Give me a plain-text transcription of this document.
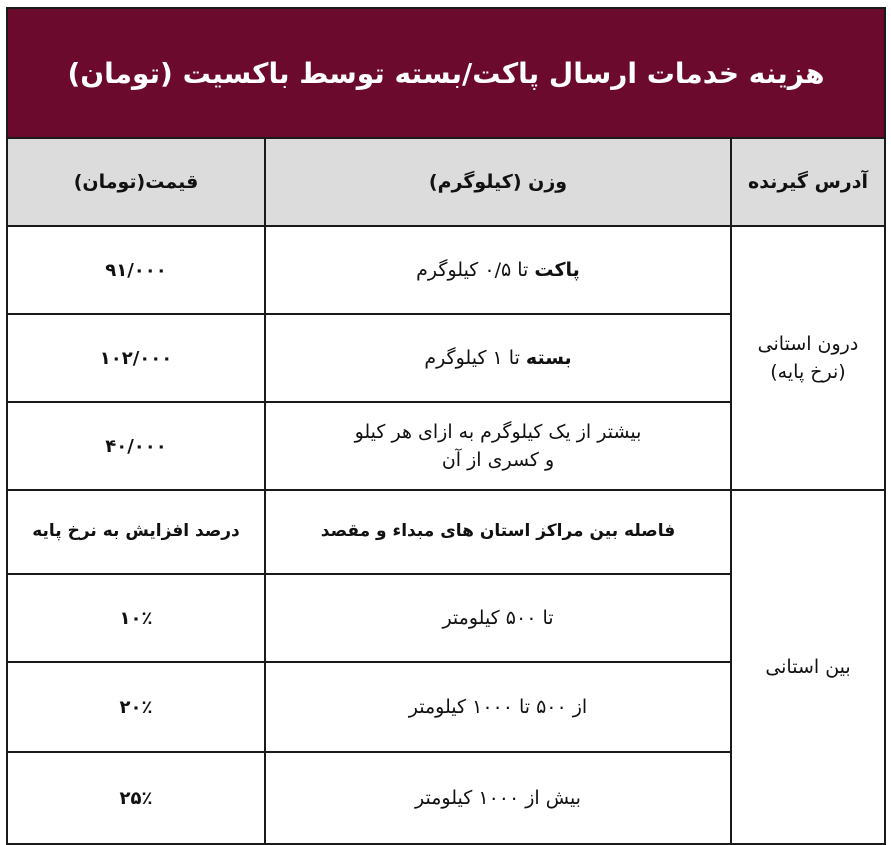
هزینه خدمات ارسال پاکت/بسته توسط باکسیت (تومان)		
آدرس گیرنده	وزن (کیلوگرم)	قیمت(تومان)
درون استانی
(نرخ پایه)	پاکت تا ۰/۵ کیلوگرم	۹۱/۰۰۰
	بسته تا ۱ کیلوگرم	۱۰۲/۰۰۰
	بیشتر از یک کیلوگرم به ازای هر کیلو
و کسری از آن	۴۰/۰۰۰
بین استانی	فاصله بین مراکز استان های مبداء و مقصد	درصد افزایش به نرخ پایه
	تا ۵۰۰ کیلومتر	۱۰٪
	از ۵۰۰ تا ۱۰۰۰ کیلومتر	۲۰٪
	بیش از ۱۰۰۰ کیلومتر	۲۵٪
